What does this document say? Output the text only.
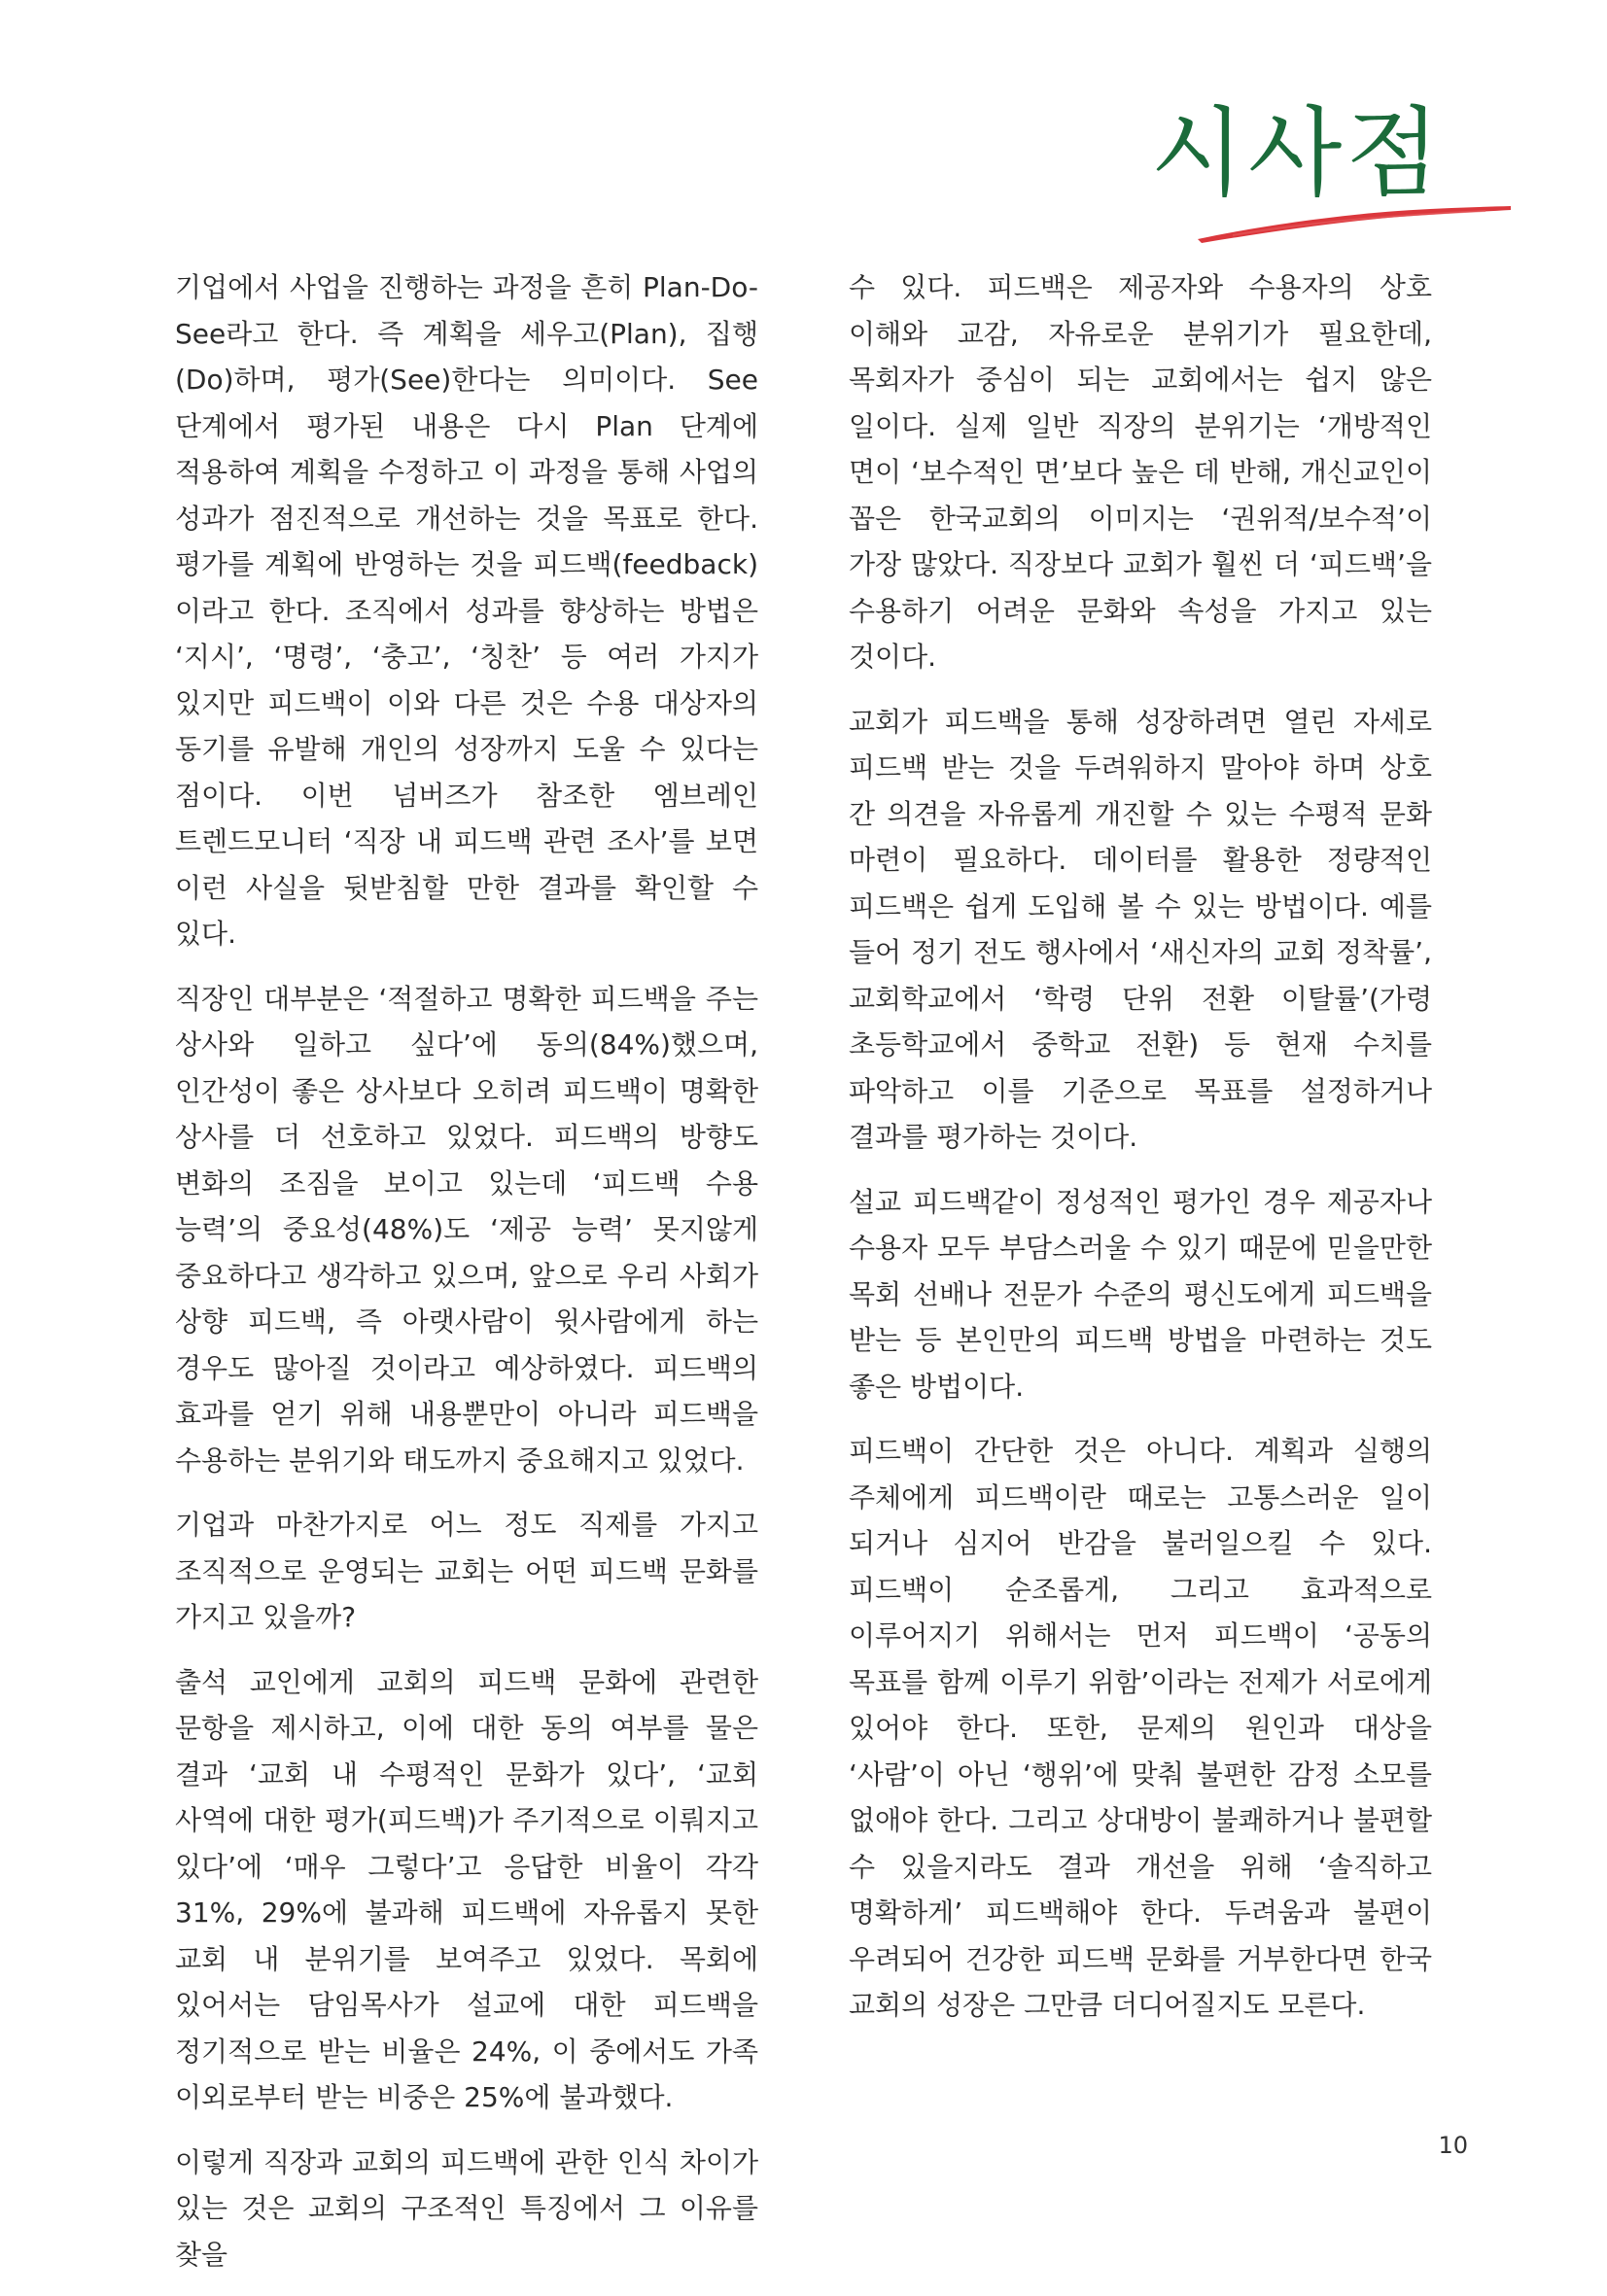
시사점

기업에서 사업을 진행하는 과정을 흔히 Plan-Do-See라고 한다. 즉 계획을 세우고(Plan), 집행(Do)하며, 평가(See)한다는 의미이다. See 단계에서 평가된 내용은 다시 Plan 단계에 적용하여 계획을 수정하고 이 과정을 통해 사업의 성과가 점진적으로 개선하는 것을 목표로 한다. 평가를 계획에 반영하는 것을 피드백(feedback)이라고 한다. 조직에서 성과를 향상하는 방법은 ‘지시’, ‘명령’, ‘충고’, ‘칭찬’ 등 여러 가지가 있지만 피드백이 이와 다른 것은 수용 대상자의 동기를 유발해 개인의 성장까지 도울 수 있다는 점이다. 이번 넘버즈가 참조한 엠브레인 트렌드모니터 ‘직장 내 피드백 관련 조사’를 보면 이런 사실을 뒷받침할 만한 결과를 확인할 수 있다.

직장인 대부분은 ‘적절하고 명확한 피드백을 주는 상사와 일하고 싶다’에 동의(84%)했으며, 인간성이 좋은 상사보다 오히려 피드백이 명확한 상사를 더 선호하고 있었다. 피드백의 방향도 변화의 조짐을 보이고 있는데 ‘피드백 수용 능력’의 중요성(48%)도 ‘제공 능력’ 못지않게 중요하다고 생각하고 있으며, 앞으로 우리 사회가 상향 피드백, 즉 아랫사람이 윗사람에게 하는 경우도 많아질 것이라고 예상하였다. 피드백의 효과를 얻기 위해 내용뿐만이 아니라 피드백을 수용하는 분위기와 태도까지 중요해지고 있었다.

기업과 마찬가지로 어느 정도 직제를 가지고 조직적으로 운영되는 교회는 어떤 피드백 문화를 가지고 있을까?

출석 교인에게 교회의 피드백 문화에 관련한 문항을 제시하고, 이에 대한 동의 여부를 물은 결과 ‘교회 내 수평적인 문화가 있다’, ‘교회 사역에 대한 평가(피드백)가 주기적으로 이뤄지고 있다’에 ‘매우 그렇다’고 응답한 비율이 각각 31%, 29%에 불과해 피드백에 자유롭지 못한 교회 내 분위기를 보여주고 있었다. 목회에 있어서는 담임목사가 설교에 대한 피드백을 정기적으로 받는 비율은 24%, 이 중에서도 가족 이외로부터 받는 비중은 25%에 불과했다.

이렇게 직장과 교회의 피드백에 관한 인식 차이가 있는 것은 교회의 구조적인 특징에서 그 이유를 찾을

수 있다. 피드백은 제공자와 수용자의 상호 이해와 교감, 자유로운 분위기가 필요한데, 목회자가 중심이 되는 교회에서는 쉽지 않은 일이다. 실제 일반 직장의 분위기는 ‘개방적인 면이 ‘보수적인 면’보다 높은 데 반해, 개신교인이 꼽은 한국교회의 이미지는 ‘권위적/보수적’이 가장 많았다. 직장보다 교회가 훨씬 더 ‘피드백’을 수용하기 어려운 문화와 속성을 가지고 있는 것이다.

교회가 피드백을 통해 성장하려면 열린 자세로 피드백 받는 것을 두려워하지 말아야 하며 상호 간 의견을 자유롭게 개진할 수 있는 수평적 문화 마련이 필요하다. 데이터를 활용한 정량적인 피드백은 쉽게 도입해 볼 수 있는 방법이다. 예를 들어 정기 전도 행사에서 ‘새신자의 교회 정착률’, 교회학교에서 ‘학령 단위 전환 이탈률’(가령 초등학교에서 중학교 전환) 등 현재 수치를 파악하고 이를 기준으로 목표를 설정하거나 결과를 평가하는 것이다.

설교 피드백같이 정성적인 평가인 경우 제공자나 수용자 모두 부담스러울 수 있기 때문에 믿을만한 목회 선배나 전문가 수준의 평신도에게 피드백을 받는 등 본인만의 피드백 방법을 마련하는 것도 좋은 방법이다.

피드백이 간단한 것은 아니다. 계획과 실행의 주체에게 피드백이란 때로는 고통스러운 일이 되거나 심지어 반감을 불러일으킬 수 있다. 피드백이 순조롭게, 그리고 효과적으로 이루어지기 위해서는 먼저 피드백이 ‘공동의 목표를 함께 이루기 위함’이라는 전제가 서로에게 있어야 한다. 또한, 문제의 원인과 대상을 ‘사람’이 아닌 ‘행위’에 맞춰 불편한 감정 소모를 없애야 한다. 그리고 상대방이 불쾌하거나 불편할 수 있을지라도 결과 개선을 위해 ‘솔직하고 명확하게’ 피드백해야 한다. 두려움과 불편이 우려되어 건강한 피드백 문화를 거부한다면 한국 교회의 성장은 그만큼 더디어질지도 모른다.

10
